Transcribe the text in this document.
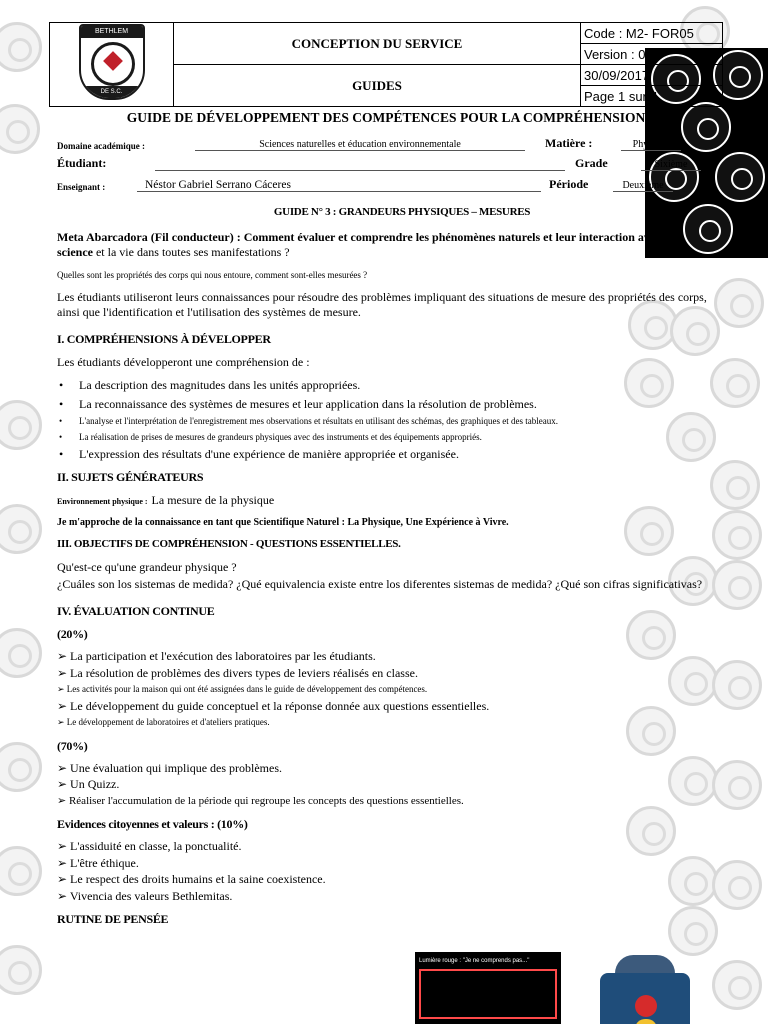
BETHLEM
DE S.C.	CONCEPTION DU SERVICE	Code : M2- FOR05
		Version : 0
	GUIDES	30/09/2017
		Page 1 sur 4
GUIDE DE DÉVELOPPEMENT DES COMPÉTENCES POUR LA COMPRÉHENSION
Domaine académique :	Sciences naturelles et éducation environnementale	Matière :	Physique
Étudiant:	Grade	Sixième
Enseignant :	Néstor Gabriel Serrano Cáceres	Période	Deuxième
GUIDE N° 3 : GRANDEURS PHYSIQUES – MESURES
Meta Abarcadora (Fil conducteur) : Comment évaluer et comprendre les phénomènes naturels et leur interaction avec la science et la vie dans toutes ses manifestations ?
Quelles sont les propriétés des corps qui nous entoure, comment sont-elles mesurées ?
Les étudiants utiliseront leurs connaissances pour résoudre des problèmes impliquant des situations de mesure des propriétés des corps, ainsi que l'identification et l'utilisation des systèmes de mesure.
I. COMPRÉHENSIONS À DÉVELOPPER
Les étudiants développeront une compréhension de :
• La description des magnitudes dans les unités appropriées.
• La reconnaissance des systèmes de mesures et leur application dans la résolution de problèmes.
• L'analyse et l'interprétation de l'enregistrement mes observations et résultats en utilisant des schémas, des graphiques et des tableaux.
• La réalisation de prises de mesures de grandeurs physiques avec des instruments et des équipements appropriés.
• L'expression des résultats d'une expérience de manière appropriée et organisée.
II. SUJETS GÉNÉRATEURS
Environnement physique : La mesure de la physique
Je m'approche de la connaissance en tant que Scientifique Naturel : La Physique, Une Expérience à Vivre.
III. OBJECTIFS DE COMPRÉHENSION - QUESTIONS ESSENTIELLES.
Qu'est-ce qu'une grandeur physique ?
¿Cuáles son los sistemas de medida? ¿Qué equivalencia existe entre los diferentes sistemas de medida? ¿Qué son cifras significativas?
IV. ÉVALUATION CONTINUE
(20%)
➢ La participation et l'exécution des laboratoires par les étudiants.
➢ La résolution de problèmes des divers types de leviers réalisés en classe.
➢ Les activités pour la maison qui ont été assignées dans le guide de développement des compétences.
➢ Le développement du guide conceptuel et la réponse donnée aux questions essentielles.
➢ Le développement de laboratoires et d'ateliers pratiques.
(70%)
➢ Une évaluation qui implique des problèmes.
➢ Un Quizz.
➢ Réaliser l'accumulation de la période qui regroupe les concepts des questions essentielles.
Evidences citoyennes et valeurs : (10%)
➢ L'assiduité en classe, la ponctualité.
➢ L'être éthique.
➢ Le respect des droits humains et la saine coexistence.
➢ Vivencia des valeurs Bethlemitas.
RUTINE DE PENSÉE
Lumière rouge : "Je ne comprends pas..."
